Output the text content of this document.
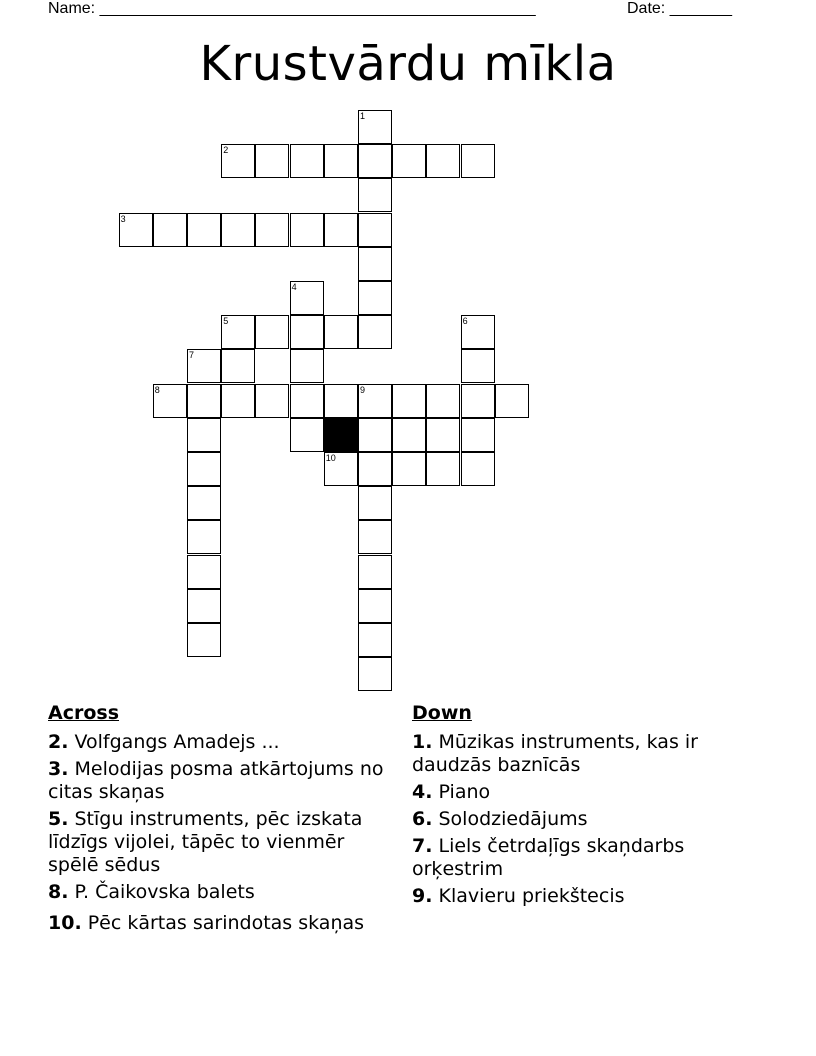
Name: _________________________________________________	Date: _______
Krustvārdu mīkla
1
2
3
4
5	6
7
8	9
10
Across
2. Volfgangs Amadejs ...
3. Melodijas posma atkārtojums no citas skaņas
5. Stīgu instruments, pēc izskata līdzīgs vijolei, tāpēc to vienmēr spēlē sēdus
8. P. Čaikovska balets
10. Pēc kārtas sarindotas skaņas
Down
1. Mūzikas instruments, kas ir daudzās baznīcās
4. Piano
6. Solodziedājums
7. Liels četrdaļīgs skaņdarbs orķestrim
9. Klavieru priekštecis
